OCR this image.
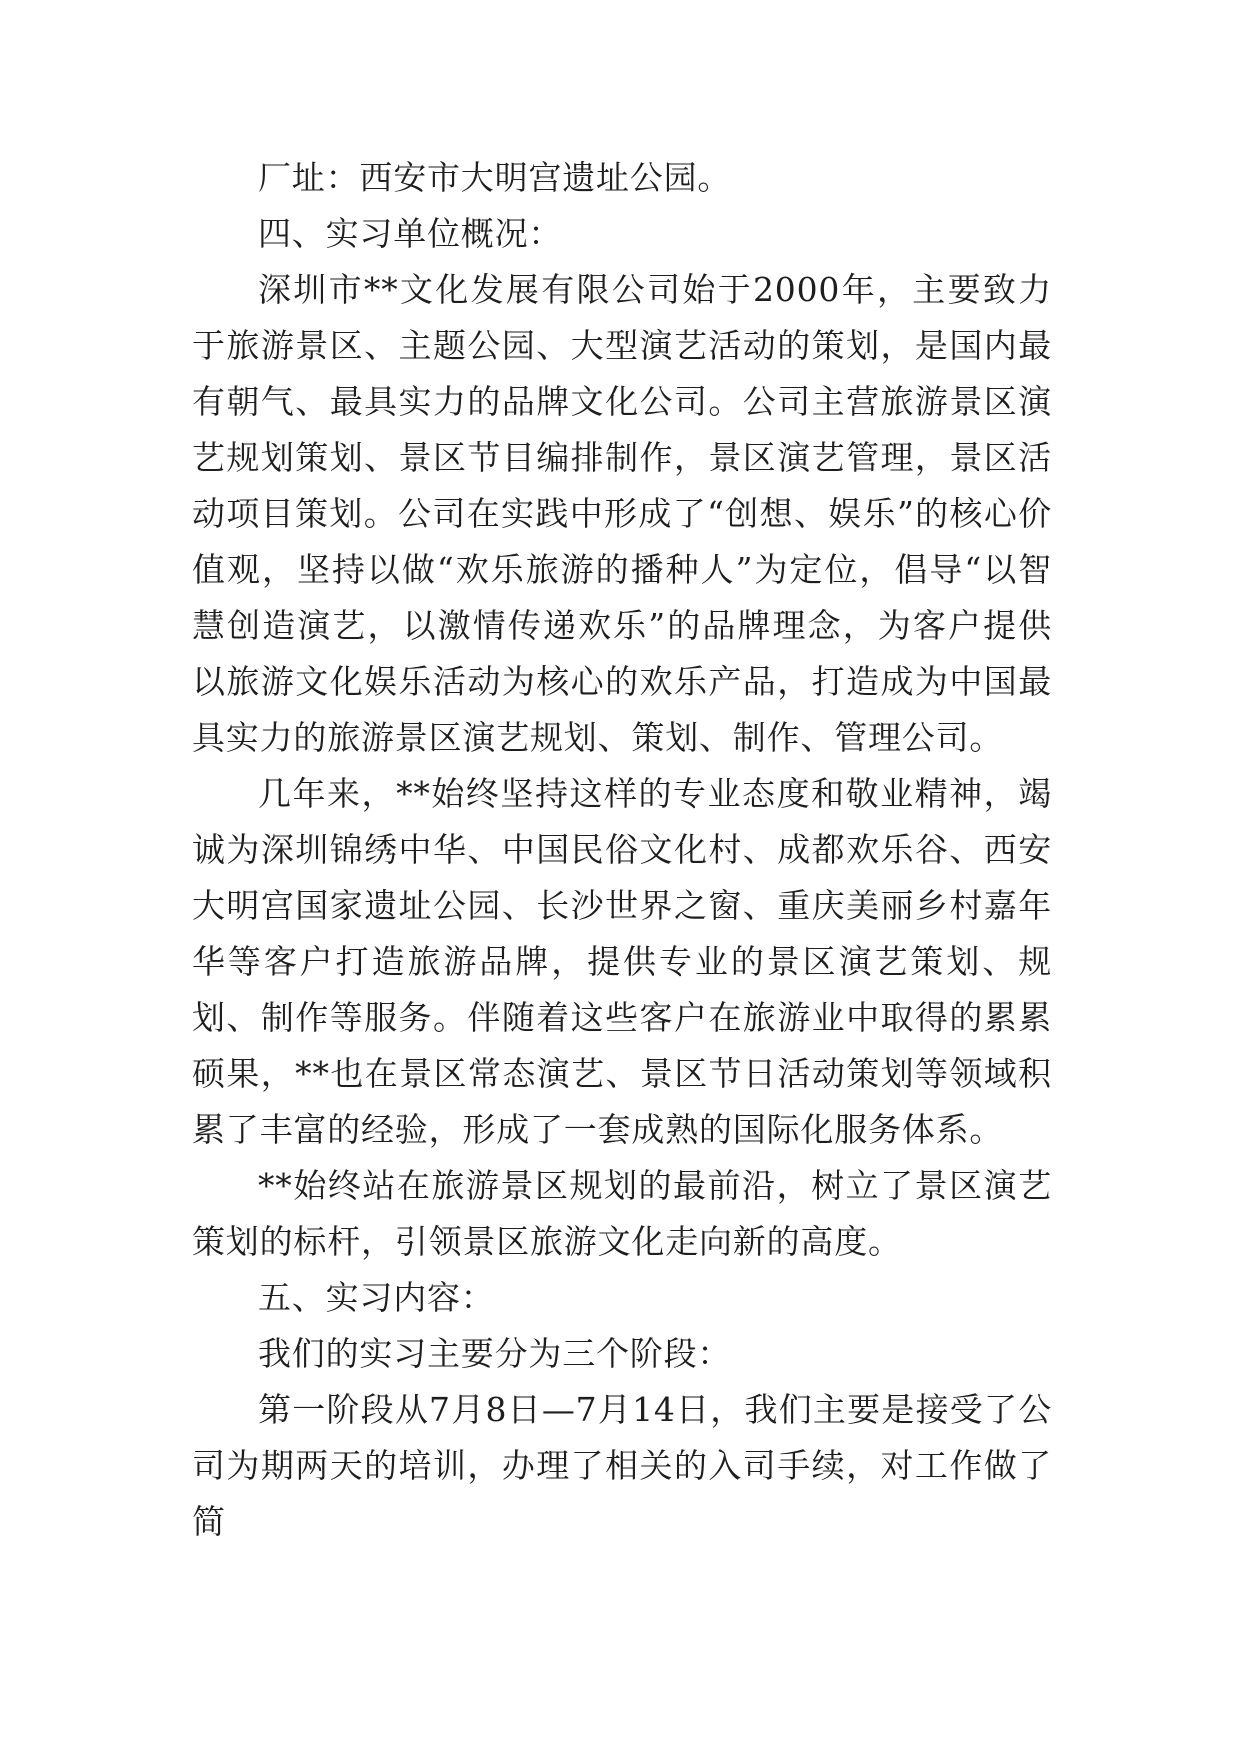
厂址：西安市大明宫遗址公园。

四、实习单位概况：

深圳市**文化发展有限公司始于2000年，主要致力于旅游景区、主题公园、大型演艺活动的策划，是国内最有朝气、最具实力的品牌文化公司。公司主营旅游景区演艺规划策划、景区节目编排制作，景区演艺管理，景区活动项目策划。公司在实践中形成了“创想、娱乐”的核心价值观，坚持以做“欢乐旅游的播种人”为定位，倡导“以智慧创造演艺，以激情传递欢乐”的品牌理念，为客户提供以旅游文化娱乐活动为核心的欢乐产品，打造成为中国最具实力的旅游景区演艺规划、策划、制作、管理公司。

几年来，**始终坚持这样的专业态度和敬业精神，竭诚为深圳锦绣中华、中国民俗文化村、成都欢乐谷、西安大明宫国家遗址公园、长沙世界之窗、重庆美丽乡村嘉年华等客户打造旅游品牌，提供专业的景区演艺策划、规划、制作等服务。伴随着这些客户在旅游业中取得的累累硕果，**也在景区常态演艺、景区节日活动策划等领域积累了丰富的经验，形成了一套成熟的国际化服务体系。

**始终站在旅游景区规划的最前沿，树立了景区演艺策划的标杆，引领景区旅游文化走向新的高度。

五、实习内容：

我们的实习主要分为三个阶段：

第一阶段从7月8日—7月14日，我们主要是接受了公司为期两天的培训，办理了相关的入司手续，对工作做了简
